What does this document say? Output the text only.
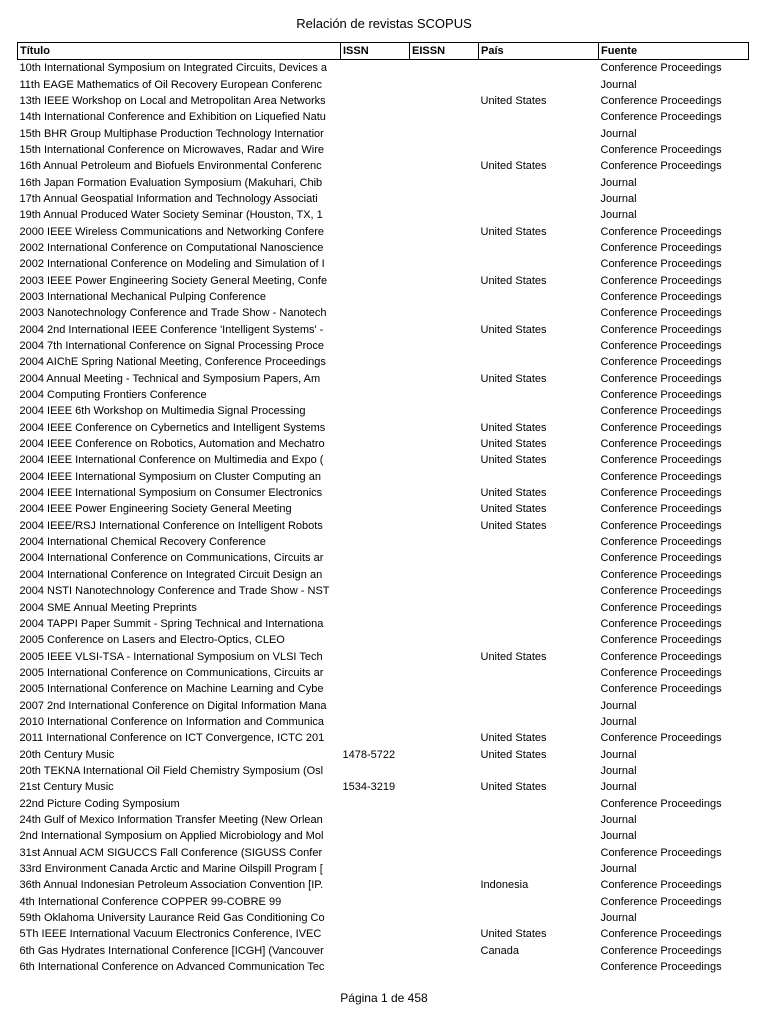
Relación de revistas SCOPUS
Título	ISSN	EISSN	País	Fuente
10th International Symposium on Integrated Circuits, Devices a				Conference Proceedings
11th EAGE Mathematics of Oil Recovery European Conferenc				Journal
13th IEEE Workshop on Local and Metropolitan Area Networks			United States	Conference Proceedings
14th International Conference and Exhibition on Liquefied Natu				Conference Proceedings
15th BHR Group Multiphase Production Technology Internatior				Journal
15th International Conference on Microwaves, Radar and Wire				Conference Proceedings
16th Annual Petroleum and Biofuels Environmental Conferenc			United States	Conference Proceedings
16th Japan Formation Evaluation Symposium (Makuhari, Chib				Journal
17th Annual Geospatial Information and Technology Associati				Journal
19th Annual Produced Water Society Seminar (Houston, TX, 1				Journal
2000 IEEE Wireless Communications and Networking Confere			United States	Conference Proceedings
2002 International Conference on Computational Nanoscience				Conference Proceedings
2002 International Conference on Modeling and Simulation of I				Conference Proceedings
2003 IEEE Power Engineering Society General Meeting, Confe			United States	Conference Proceedings
2003 International Mechanical Pulping Conference				Conference Proceedings
2003 Nanotechnology Conference and Trade Show - Nanotech				Conference Proceedings
2004 2nd International IEEE Conference 'Intelligent Systems' -			United States	Conference Proceedings
2004 7th International Conference on Signal Processing Proce				Conference Proceedings
2004 AIChE Spring National Meeting, Conference Proceedings				Conference Proceedings
2004 Annual Meeting - Technical and Symposium Papers, Am			United States	Conference Proceedings
2004 Computing Frontiers Conference				Conference Proceedings
2004 IEEE 6th Workshop on Multimedia Signal Processing				Conference Proceedings
2004 IEEE Conference on Cybernetics and Intelligent Systems			United States	Conference Proceedings
2004 IEEE Conference on Robotics, Automation and Mechatro			United States	Conference Proceedings
2004 IEEE International Conference on Multimedia and Expo (			United States	Conference Proceedings
2004 IEEE International Symposium on Cluster Computing an				Conference Proceedings
2004 IEEE International Symposium on Consumer Electronics			United States	Conference Proceedings
2004 IEEE Power Engineering Society General Meeting			United States	Conference Proceedings
2004 IEEE/RSJ International Conference on Intelligent Robots			United States	Conference Proceedings
2004 International Chemical Recovery Conference				Conference Proceedings
2004 International Conference on Communications, Circuits ar				Conference Proceedings
2004 International Conference on Integrated Circuit Design an				Conference Proceedings
2004 NSTI Nanotechnology Conference and Trade Show - NST				Conference Proceedings
2004 SME Annual Meeting Preprints				Conference Proceedings
2004 TAPPI Paper Summit - Spring Technical and Internationa				Conference Proceedings
2005 Conference on Lasers and Electro-Optics, CLEO				Conference Proceedings
2005 IEEE VLSI-TSA - International Symposium on VLSI Tech			United States	Conference Proceedings
2005 International Conference on Communications, Circuits ar				Conference Proceedings
2005 International Conference on Machine Learning and Cybe				Conference Proceedings
2007 2nd International Conference on Digital Information Mana				Journal
2010 International Conference on Information and Communica				Journal
2011 International Conference on ICT Convergence, ICTC 201			United States	Conference Proceedings
20th Century Music	1478-5722		United States	Journal
20th TEKNA International Oil Field Chemistry Symposium (Osl				Journal
21st Century Music	1534-3219		United States	Journal
22nd Picture Coding Symposium				Conference Proceedings
24th Gulf of Mexico Information Transfer Meeting (New Orlean				Journal
2nd International Symposium on Applied Microbiology and Mol				Journal
31st Annual ACM SIGUCCS Fall Conference (SIGUSS Confer				Conference Proceedings
33rd Environment Canada Arctic and Marine Oilspill Program [				Journal
36th Annual Indonesian Petroleum Association Convention [IP.			Indonesia	Conference Proceedings
4th International Conference COPPER 99-COBRE 99				Conference Proceedings
59th Oklahoma University Laurance Reid Gas Conditioning Co				Journal
5Th IEEE International Vacuum Electronics Conference, IVEC			United States	Conference Proceedings
6th Gas Hydrates International Conference [ICGH] (Vancouver			Canada	Conference Proceedings
6th International Conference on Advanced Communication Tec				Conference Proceedings
Página 1 de 458
